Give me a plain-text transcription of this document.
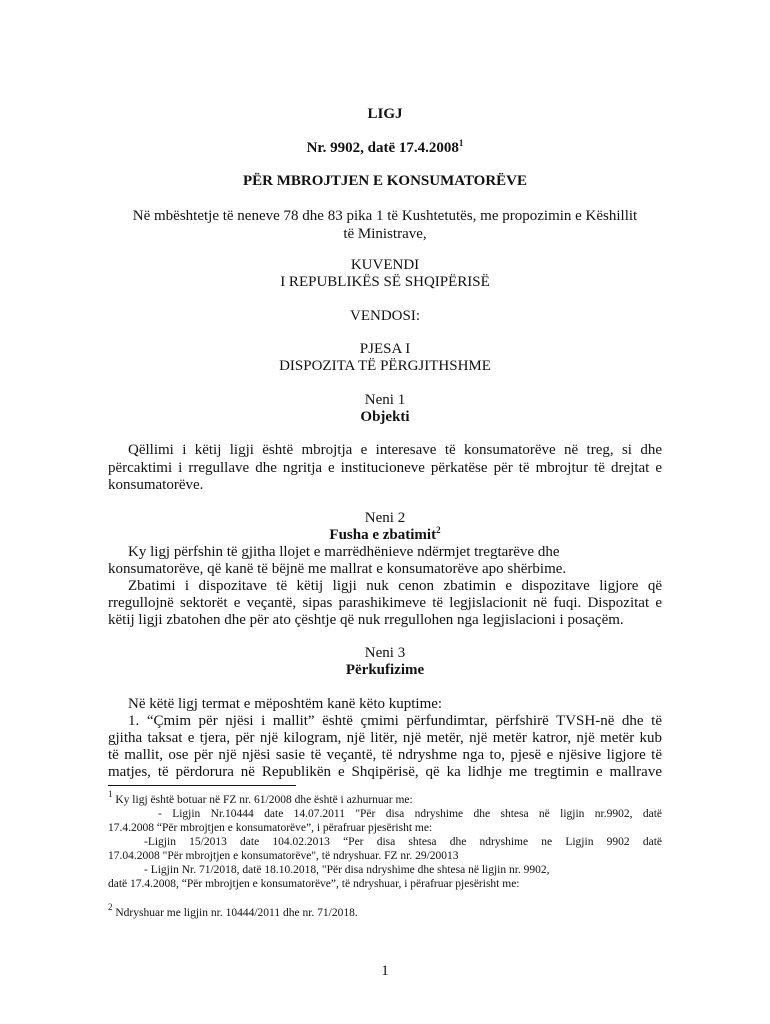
LIGJ
Nr. 9902, datë 17.4.2008$^1$
PËR MBROJTJEN E KONSUMATORËVE
Në mbështetje të neneve 78 dhe 83 pika 1 të Kushtetutës, me propozimin e Këshillit
të Ministrave,
KUVENDI
I REPUBLIKËS SË SHQIPËRISË
VENDOSI:
PJESA I
DISPOZITA TË PËRGJITHSHME
Neni 1
Objekti
Qëllimi i këtij ligji është mbrojtja e interesave të konsumatorëve në treg, si dhe
përcaktimi i rregullave dhe ngritja e institucioneve përkatëse për të mbrojtur të drejtat e
konsumatorëve.
Neni 2
Fusha e zbatimit$^2$
Ky ligj përfshin të gjitha llojet e marrëdhënieve ndërmjet tregtarëve dhe
konsumatorëve, që kanë të bëjnë me mallrat e konsumatorëve apo shërbime.
Zbatimi i dispozitave të këtij ligji nuk cenon zbatimin e dispozitave ligjore që
rregullojnë sektorët e veçantë, sipas parashikimeve të legjislacionit në fuqi. Dispozitat e
këtij ligji zbatohen dhe për ato çështje që nuk rregullohen nga legjislacioni i posaçëm.
Neni 3
Përkufizime
Në këtë ligj termat e mëposhtëm kanë këto kuptime:
1. “Çmim për njësi i mallit” është çmimi përfundimtar, përfshirë TVSH-në dhe të
gjitha taksat e tjera, për një kilogram, një litër, një metër, një metër katror, një metër kub
të mallit, ose për një njësi sasie të veçantë, të ndryshme nga to, pjesë e njësive ligjore të
matjes, të përdorura në Republikën e Shqipërisë, që ka lidhje me tregtimin e mallrave
$^1$ Ky ligj është botuar në FZ nr. 61/2008 dhe është i azhurnuar me:
- Ligjin Nr.10444 date 14.07.2011 "Për disa ndryshime dhe shtesa në ligjin nr.9902, datë
17.4.2008 “Për mbrojtjen e konsumatorëve”, i përafruar pjesërisht me:
-Ligjin 15/2013 date 104.02.2013 “Per disa shtesa dhe ndryshime ne Ligjin 9902 datë
17.04.2008 "Për mbrojtjen e konsumatorëve", të ndryshuar. FZ nr. 29/20013
- Ligjin Nr. 71/2018, datë 18.10.2018, "Për disa ndryshime dhe shtesa në ligjin nr. 9902,
datë 17.4.2008, “Për mbrojtjen e konsumatorëve”, të ndryshuar, i përafruar pjesërisht me:
$^2$ Ndryshuar me ligjin nr. 10444/2011 dhe nr. 71/2018.
1
